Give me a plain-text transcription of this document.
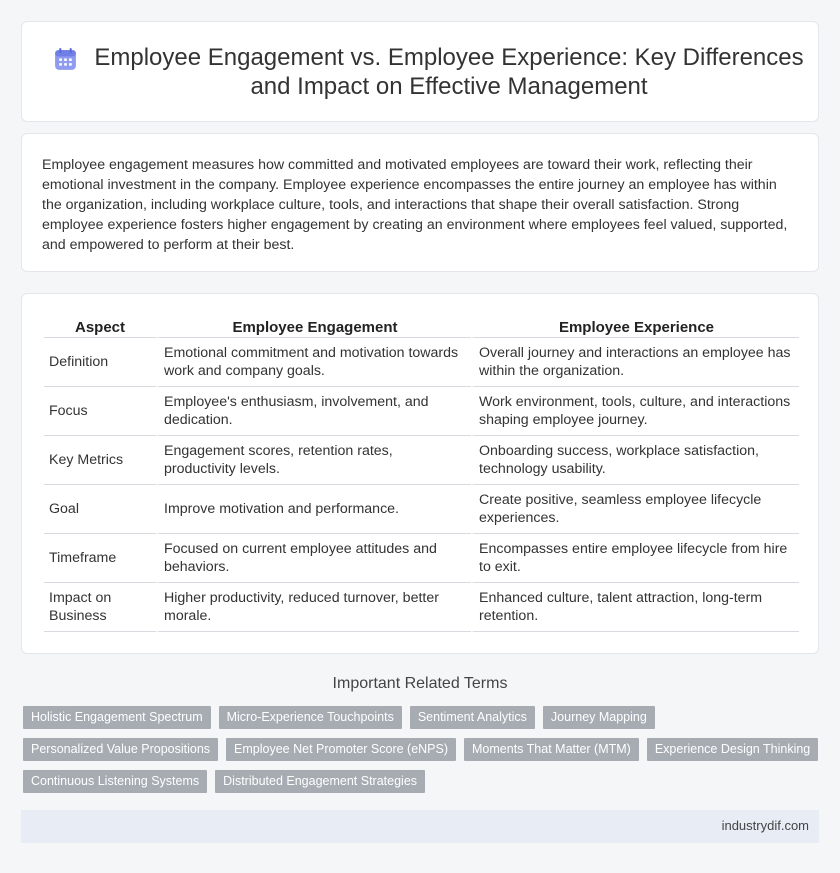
Employee Engagement vs. Employee Experience: Key Differences and Impact on Effective Management

Employee engagement measures how committed and motivated employees are toward their work, reflecting their emotional investment in the company. Employee experience encompasses the entire journey an employee has within the organization, including workplace culture, tools, and interactions that shape their overall satisfaction. Strong employee experience fosters higher engagement by creating an environment where employees feel valued, supported, and empowered to perform at their best.

Aspect	Employee Engagement	Employee Experience
Definition	Emotional commitment and motivation towards work and company goals.	Overall journey and interactions an employee has within the organization.
Focus	Employee's enthusiasm, involvement, and dedication.	Work environment, tools, culture, and interactions shaping employee journey.
Key Metrics	Engagement scores, retention rates, productivity levels.	Onboarding success, workplace satisfaction, technology usability.
Goal	Improve motivation and performance.	Create positive, seamless employee lifecycle experiences.
Timeframe	Focused on current employee attitudes and behaviors.	Encompasses entire employee lifecycle from hire to exit.
Impact on Business	Higher productivity, reduced turnover, better morale.	Enhanced culture, talent attraction, long-term retention.
Important Related Terms
Holistic Engagement Spectrum	Micro-Experience Touchpoints	Sentiment Analytics	Journey Mapping
Personalized Value Propositions	Employee Net Promoter Score (eNPS)	Moments That Matter (MTM)	Experience Design Thinking
Continuous Listening Systems	Distributed Engagement Strategies
industrydif.com
